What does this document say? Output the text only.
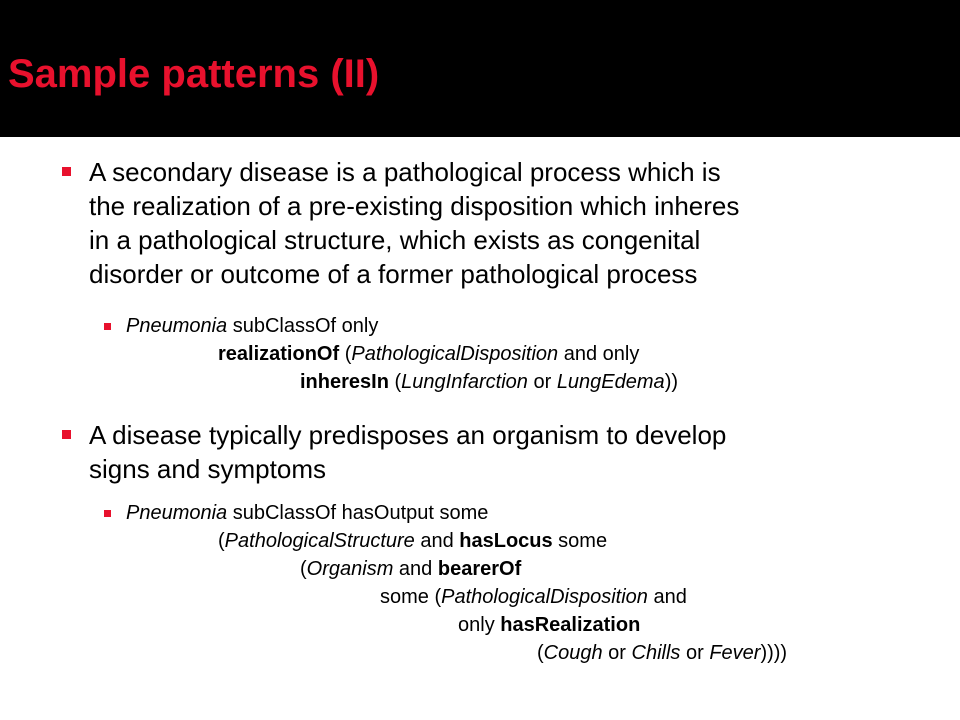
Sample patterns (II)
A secondary disease is a pathological process which is
the realization of a pre-existing disposition which inheres
in a pathological structure, which exists as congenital
disorder or outcome of a former pathological process
Pneumonia subClassOf only
realizationOf (PathologicalDisposition and only
inheresIn (LungInfarction or LungEdema))
A disease typically predisposes an organism to develop
signs and symptoms
Pneumonia subClassOf hasOutput some
(PathologicalStructure and hasLocus some
(Organism and bearerOf
some (PathologicalDisposition and
only hasRealization
(Cough or Chills or Fever))))
